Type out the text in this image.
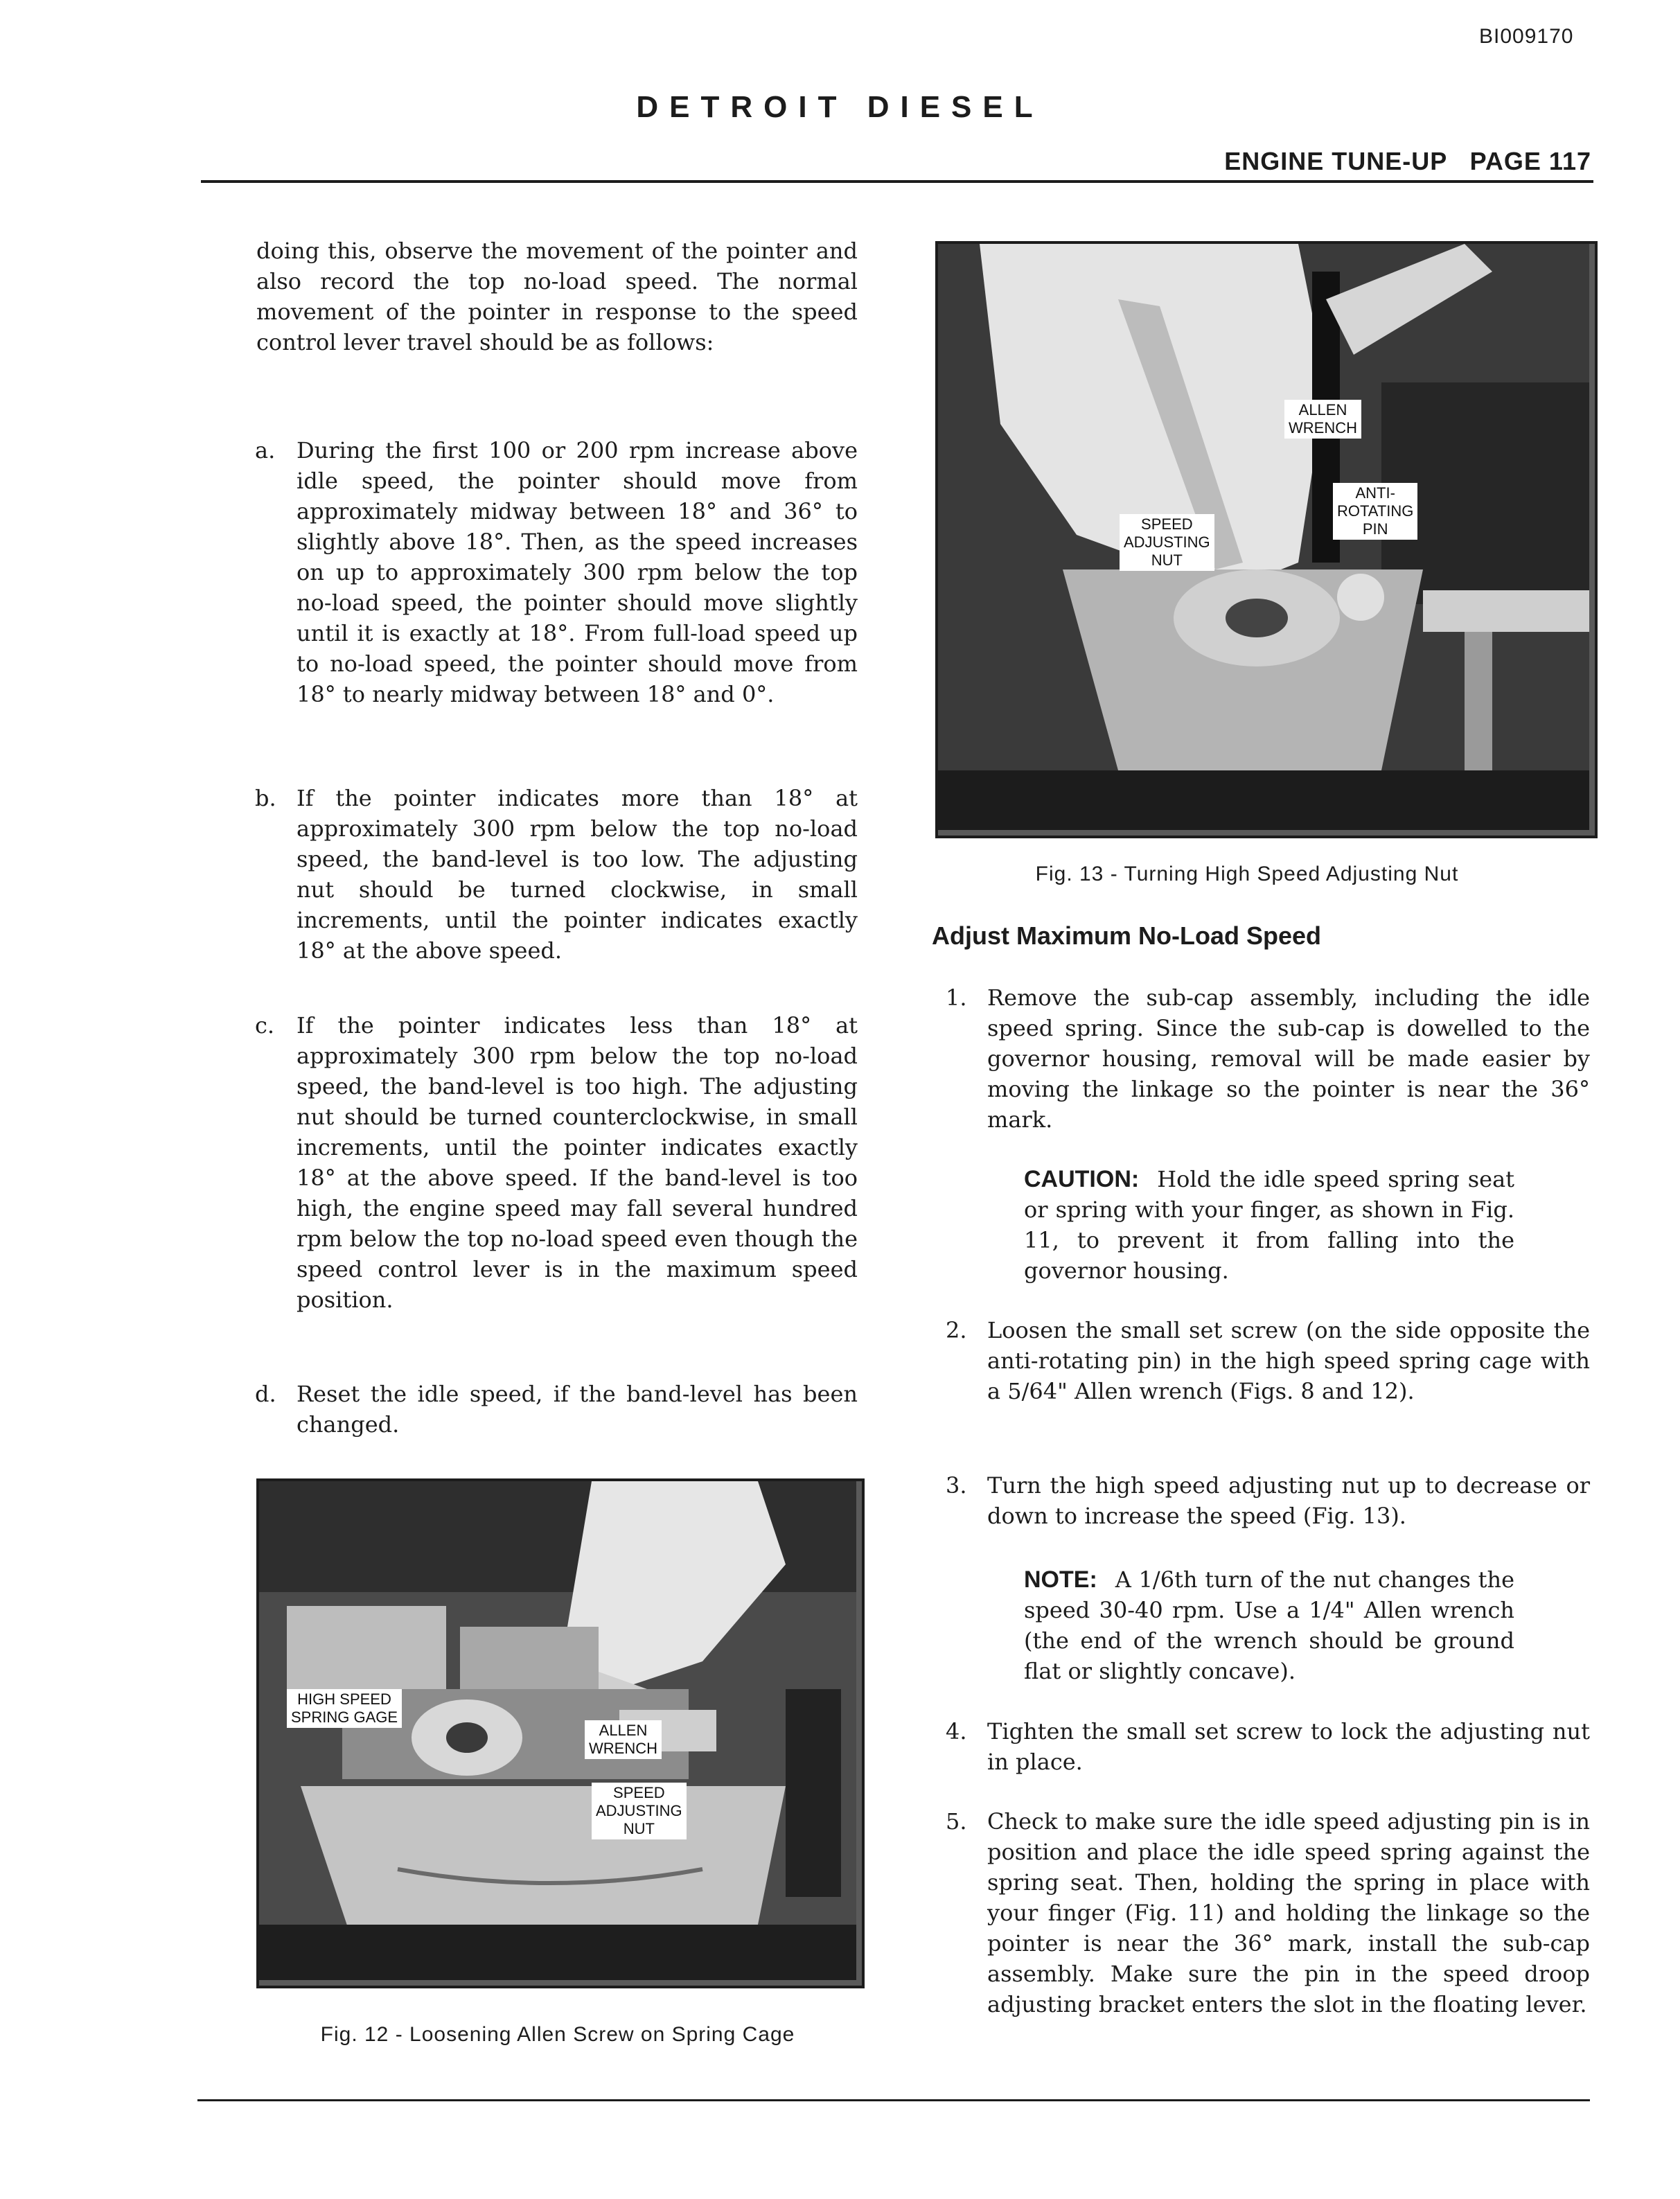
BI009170
DETROIT DIESEL
ENGINE TUNE-UP   PAGE 117
doing this, observe the movement of the pointer and also record the top no-load speed. The normal movement of the pointer in response to the speed control lever travel should be as follows:
a. During the first 100 or 200 rpm increase above idle speed, the pointer should move from approximately midway between 18° and 36° to slightly above 18°. Then, as the speed increases on up to approximately 300 rpm below the top no-load speed, the pointer should move slightly until it is exactly at 18°. From full-load speed up to no-load speed, the pointer should move from 18° to nearly midway between 18° and 0°.
b. If the pointer indicates more than 18° at approximately 300 rpm below the top no-load speed, the band-level is too low. The adjusting nut should be turned clockwise, in small increments, until the pointer indicates exactly 18° at the above speed.
c. If the pointer indicates less than 18° at approximately 300 rpm below the top no-load speed, the band-level is too high. The adjusting nut should be turned counterclockwise, in small increments, until the pointer indicates exactly 18° at the above speed. If the band-level is too high, the engine speed may fall several hundred rpm below the top no-load speed even though the speed control lever is in the maximum speed position.
d. Reset the idle speed, if the band-level has been changed.
HIGH SPEED
SPRING GAGE
ALLEN
WRENCH
SPEED
ADJUSTING
NUT
Fig. 12 - Loosening Allen Screw on Spring Cage
ALLEN
WRENCH
ANTI-
ROTATING
PIN
SPEED
ADJUSTING
NUT
Fig. 13 - Turning High Speed Adjusting Nut
Adjust Maximum No-Load Speed
1. Remove the sub-cap assembly, including the idle speed spring. Since the sub-cap is dowelled to the governor housing, removal will be made easier by moving the linkage so the pointer is near the 36° mark.
CAUTION: Hold the idle speed spring seat or spring with your finger, as shown in Fig. 11, to prevent it from falling into the governor housing.
2. Loosen the small set screw (on the side opposite the anti-rotating pin) in the high speed spring cage with a 5/64" Allen wrench (Figs. 8 and 12).
3. Turn the high speed adjusting nut up to decrease or down to increase the speed (Fig. 13).
NOTE: A 1/6th turn of the nut changes the speed 30-40 rpm. Use a 1/4" Allen wrench (the end of the wrench should be ground flat or slightly concave).
4. Tighten the small set screw to lock the adjusting nut in place.
5. Check to make sure the idle speed adjusting pin is in position and place the idle speed spring against the spring seat. Then, holding the spring in place with your finger (Fig. 11) and holding the linkage so the pointer is near the 36° mark, install the sub-cap assembly. Make sure the pin in the speed droop adjusting bracket enters the slot in the floating lever.
